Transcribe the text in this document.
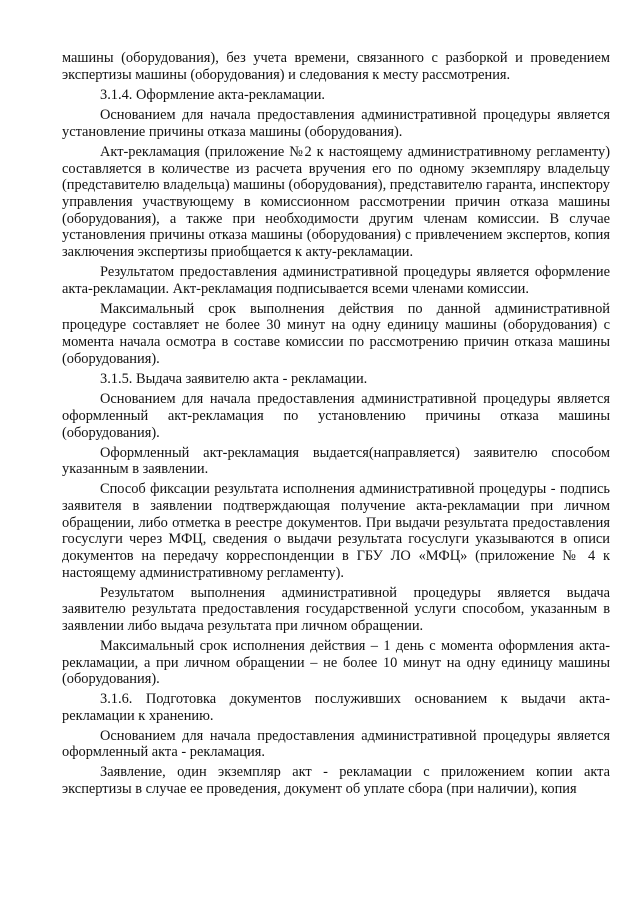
машины (оборудования), без учета времени, связанного с разборкой и проведением экспертизы машины (оборудования) и следования к месту рассмотрения.

3.1.4. Оформление акта-рекламации.

Основанием для начала предоставления административной процедуры является установление причины отказа машины (оборудования).

Акт-рекламация (приложение №2 к настоящему административному регламенту) составляется в количестве из расчета вручения его по одному экземпляру владельцу (представителю владельца) машины (оборудования), представителю гаранта, инспектору управления участвующему в комиссионном рассмотрении причин отказа машины (оборудования), а также при необходимости другим членам комиссии. В случае установления причины отказа машины (оборудования) с привлечением экспертов, копия заключения экспертизы приобщается к акту-рекламации.

Результатом предоставления административной процедуры является оформление акта-рекламации. Акт-рекламация подписывается всеми членами комиссии.

Максимальный срок выполнения действия по данной административной процедуре составляет не более 30 минут на одну единицу машины (оборудования) с момента начала осмотра в составе комиссии по рассмотрению причин отказа машины (оборудования).

3.1.5. Выдача заявителю акта - рекламации.

Основанием для начала предоставления административной процедуры является оформленный акт-рекламация по установлению причины отказа машины (оборудования).

Оформленный акт-рекламация выдается(направляется) заявителю способом указанным в заявлении.

Способ фиксации результата исполнения административной процедуры - подпись заявителя в заявлении подтверждающая получение акта-рекламации при личном обращении, либо отметка в реестре документов. При выдачи результата предоставления госуслуги через МФЦ, сведения о выдачи результата госуслуги указываются в описи документов на передачу корреспонденции в ГБУ ЛО «МФЦ» (приложение № 4 к настоящему административному регламенту).

Результатом выполнения административной процедуры является выдача заявителю результата предоставления государственной услуги способом, указанным в заявлении либо выдача результата при личном обращении.

Максимальный срок исполнения действия – 1 день с момента оформления акта-рекламации, а при личном обращении – не более 10 минут на одну единицу машины (оборудования).

3.1.6. Подготовка документов послуживших основанием к выдачи акта-рекламации к хранению.

Основанием для начала предоставления административной процедуры является оформленный акта - рекламация.

Заявление, один экземпляр акт - рекламации с приложением копии акта экспертизы в случае ее проведения, документ об уплате сбора (при наличии), копия
